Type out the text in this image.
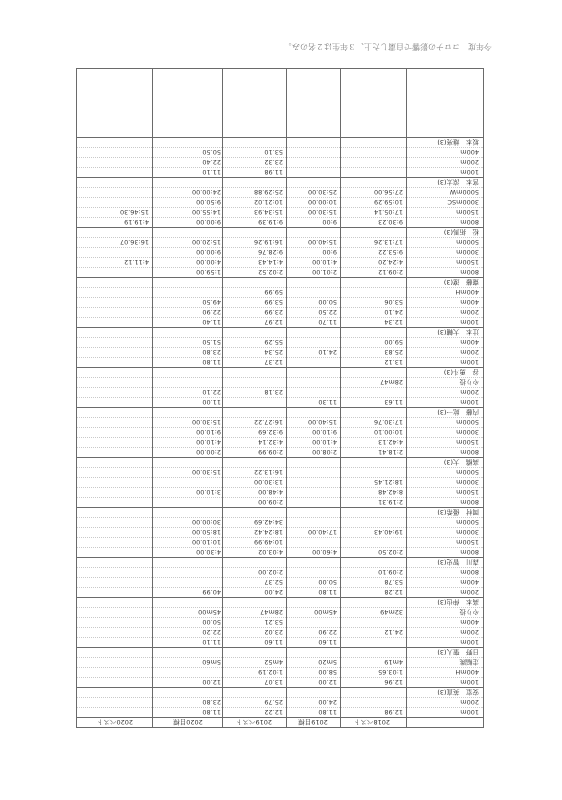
今年度　コロナの影響で自粛した上、３年生は２名のみ。
2018ベスト
2019目標
2019ベスト
2020目標
2020ベスト
100m
12.98
11.80
12.22
11.80
200m
24.00
25.79
23.80
安室　英直(3)
100m
12.96
12.00
13.07
12.00
400mH
1:03.65
58.00
1:02.19
走幅跳
4m19
5m20
4m52
5m60
日野　聖人(3)
100m
11.60
11.60
11.10
200m
24.12
22.90
23.02
22.20
400m
53.21
50.00
やり投
32m49
45m00
28m47
45m00
高本　伸也(3)
200m
12.28
11.80
24.00
40.99
400m
53.78
50.00
52.37
800m
2:09.10
2:02.00
森川　智史(3)
800m
2:02.50
4:60.00
4:03.02
4:30.00
1500m
10:49.99
10:10.00
3000m
19:40.43
17:40.00
18:24.42
18:50.00
5000m
34:42.69
30:00.00
岡村　優希(3)
800m
2:19.31
2:09.00
1500m
8:42.48
4:48.00
3:10.00
3000m
18:21.45
13:30.00
5000m
16:13.22
15:30.00
高橋　大(3)
800m
2:18.41
2:08.00
2:09.99
2:00.00
1500m
4:42.13
4:10.00
4:32.14
4:10.00
3000m
10:00.10
9:10.00
9:32.69
9:10.00
5000m
17:30.76
15:40.00
16:27.22
15:30.00
内藤　紘一(3)
100m
11.63
11.30
11.00
200m
23.18
22.10
やり投
28m47
谷　勇斗(3)
100m
13.12
12.37
11.80
200m
25.83
24.10
25.34
23.80
400m
59.00
55.29
51.50
辻本　大輔(3)
100m
12.34
11.70
12.97
11.40
200m
24.10
22.50
23.99
22.90
400m
53.06
50.00
53.99
49.50
400mH
59.99
齋藤　遼(3)
800m
2:09.12
2:01.00
2:02.52
1:59.00
1500m
4:24.20
4:10.00
4:14.43
4:00.00
4:11.12
3000m
9:53.22
9:00
9:28.76
9:00.00
5000m
17:13.26
15:40.00
16:19.26
15:20.00
16:36.07
松　拓馬(3)
800m
9:30.23
9:00
9:19.39
9:00.00
4:19.19
1500m
17:05.14
15:30.00
15:34.93
14:55.00
15:46.30
3000mSC
10:59.29
10:00.00
10:21.02
9:50.00
5000mW
27:56.00
25:30.00
25:29.88
24:00.00
宮本　涼太(3)
100m
11.98
11.10
200m
23.32
22.40
400m
53.10
50.50
坂本　雄亮(3)
